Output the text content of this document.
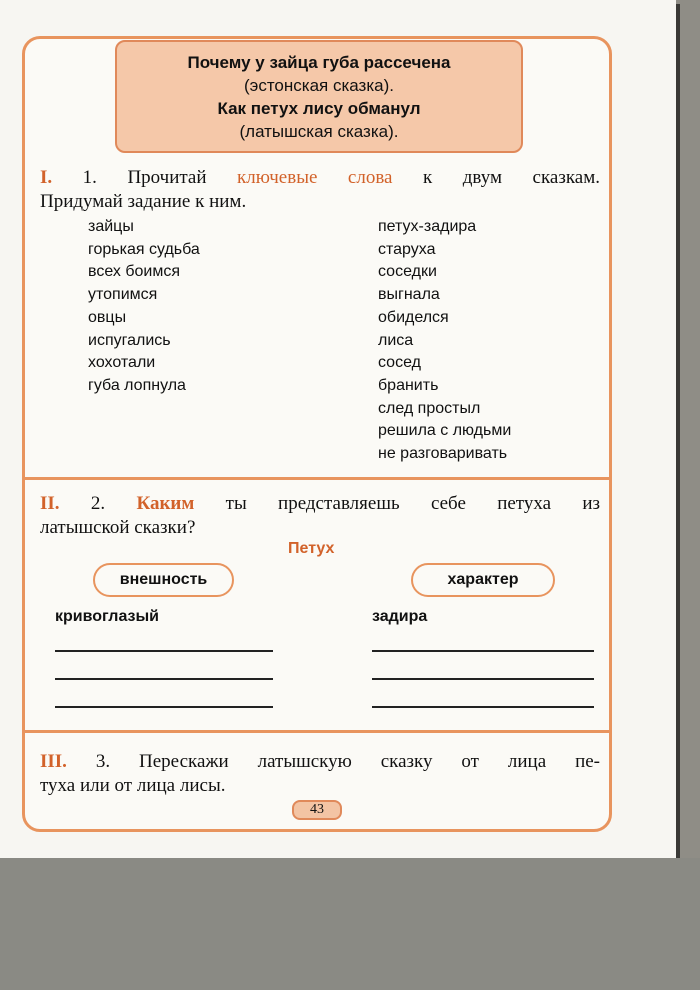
Почему у зайца губа рассечена
(эстонская сказка).
Как петух лису обманул
(латышская сказка).
I. 1. Прочитай ключевые слова к двум сказкам.
Придумай задание к ним.
зайцы
горькая судьба
всех боимся
утопимся
овцы
испугались
хохотали
губа лопнула
петух-задира
старуха
соседки
выгнала
обиделся
лиса
сосед
бранить
след простыл
решила с людьми
не разговаривать
II. 2. Каким ты представляешь себе петуха из
латышской сказки?
Петух
внешность	характер
кривоглазый	задира
III. 3. Перескажи латышскую сказку от лица пе-
туха или от лица лисы.
43
